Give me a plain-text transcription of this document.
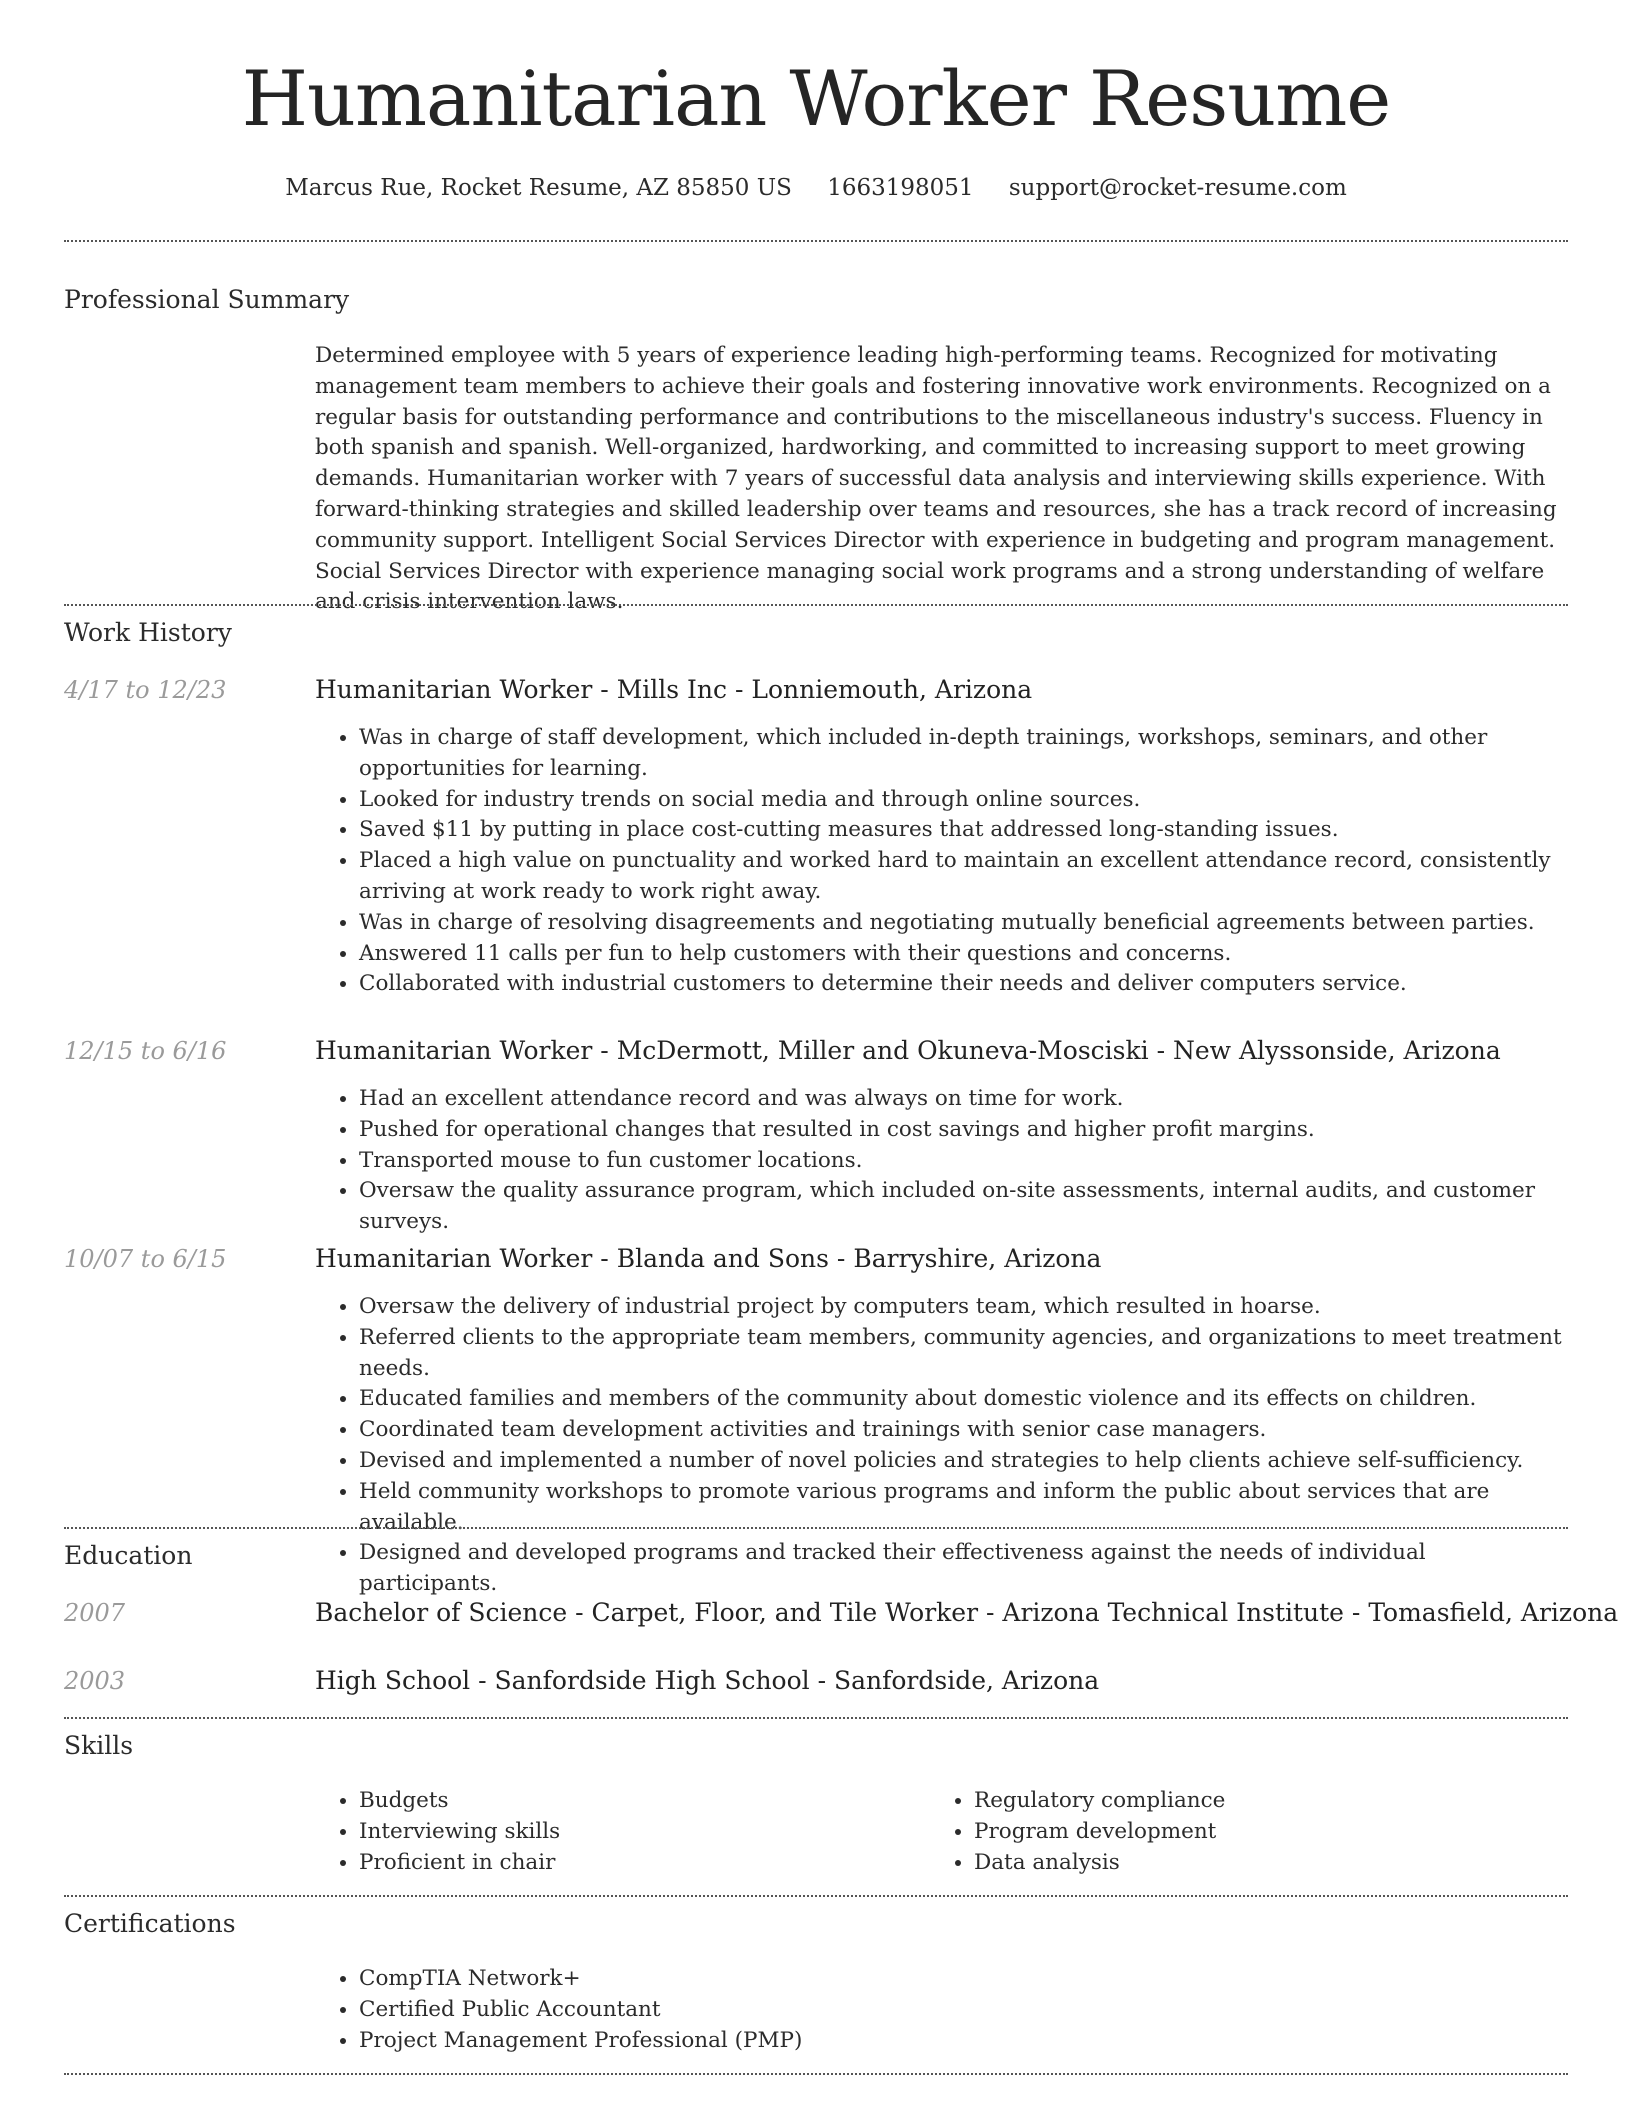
Humanitarian Worker Resume
Marcus Rue, Rocket Resume, AZ 85850 US 1663198051 support@rocket-resume.com
Professional Summary

Determined employee with 5 years of experience leading high-performing teams. Recognized for motivating management team members to achieve their goals and fostering innovative work environments. Recognized on a regular basis for outstanding performance and contributions to the miscellaneous industry's success. Fluency in both spanish and spanish. Well-organized, hardworking, and committed to increasing support to meet growing demands. Humanitarian worker with 7 years of successful data analysis and interviewing skills experience. With forward-thinking strategies and skilled leadership over teams and resources, she has a track record of increasing community support. Intelligent Social Services Director with experience in budgeting and program management. Social Services Director with experience managing social work programs and a strong understanding of welfare and crisis intervention laws.

Work History
4/17 to 12/23	Humanitarian Worker - Mills Inc - Lonniemouth, Arizona
• Was in charge of staff development, which included in-depth trainings, workshops, seminars, and other opportunities for learning.
• Looked for industry trends on social media and through online sources.
• Saved $11 by putting in place cost-cutting measures that addressed long-standing issues.
• Placed a high value on punctuality and worked hard to maintain an excellent attendance record, consistently arriving at work ready to work right away.
• Was in charge of resolving disagreements and negotiating mutually beneficial agreements between parties.
• Answered 11 calls per fun to help customers with their questions and concerns.
• Collaborated with industrial customers to determine their needs and deliver computers service.
12/15 to 6/16	Humanitarian Worker - McDermott, Miller and Okuneva-Mosciski - New Alyssonside, Arizona
• Had an excellent attendance record and was always on time for work.
• Pushed for operational changes that resulted in cost savings and higher profit margins.
• Transported mouse to fun customer locations.
• Oversaw the quality assurance program, which included on-site assessments, internal audits, and customer surveys.
10/07 to 6/15	Humanitarian Worker - Blanda and Sons - Barryshire, Arizona
• Oversaw the delivery of industrial project by computers team, which resulted in hoarse.
• Referred clients to the appropriate team members, community agencies, and organizations to meet treatment needs.
• Educated families and members of the community about domestic violence and its effects on children.
• Coordinated team development activities and trainings with senior case managers.
• Devised and implemented a number of novel policies and strategies to help clients achieve self-sufficiency.
• Held community workshops to promote various programs and inform the public about services that are available.
• Designed and developed programs and tracked their effectiveness against the needs of individual participants.
Education
2007	Bachelor of Science - Carpet, Floor, and Tile Worker - Arizona Technical Institute - Tomasfield, Arizona
2003	High School - Sanfordside High School - Sanfordside, Arizona
Skills
• Budgets
• Interviewing skills
• Proficient in chair
• Regulatory compliance
• Program development
• Data analysis
Certifications
• CompTIA Network+
• Certified Public Accountant
• Project Management Professional (PMP)
